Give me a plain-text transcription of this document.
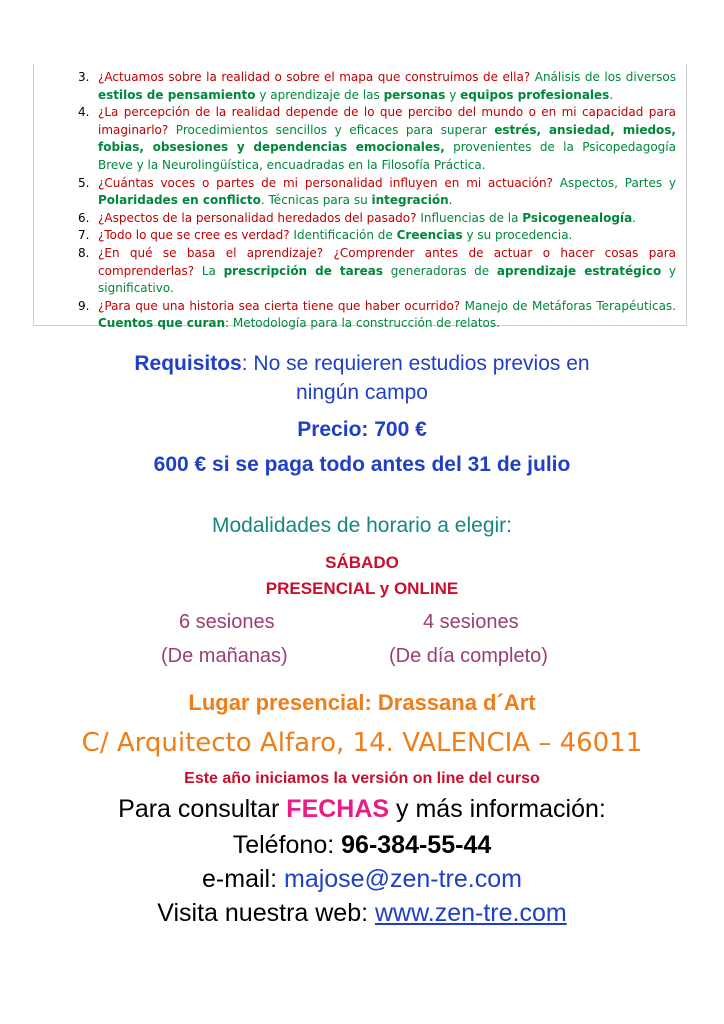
3. ¿Actuamos sobre la realidad o sobre el mapa que construimos de ella? Análisis de los diversos estilos de pensamiento y aprendizaje de las personas y equipos profesionales.
4. ¿La percepción de la realidad depende de lo que percibo del mundo o en mi capacidad para imaginarlo? Procedimientos sencillos y eficaces para superar estrés, ansiedad, miedos, fobias, obsesiones y dependencias emocionales, provenientes de la Psicopedagogía Breve y la Neurolingüística, encuadradas en la Filosofía Práctica.
5. ¿Cuántas voces o partes de mi personalidad influyen en mi actuación? Aspectos, Partes y Polaridades en conflicto. Técnicas para su integración.
6. ¿Aspectos de la personalidad heredados del pasado? Influencias de la Psicogenealogía.
7. ¿Todo lo que se cree es verdad? Identificación de Creencias y su procedencia.
8. ¿En qué se basa el aprendizaje? ¿Comprender antes de actuar o hacer cosas para comprenderlas? La prescripción de tareas generadoras de aprendizaje estratégico y significativo.
9. ¿Para que una historia sea cierta tiene que haber ocurrido? Manejo de Metáforas Terapéuticas. Cuentos que curan: Metodología para la construcción de relatos.
Requisitos: No se requieren estudios previos en
ningún campo
Precio: 700 €
600 € si se paga todo antes del 31 de julio
Modalidades de horario a elegir:
SÁBADO
PRESENCIAL y ONLINE
6 sesiones
(De mañanas)
4 sesiones
(De día completo)
Lugar presencial: Drassana d´Art
C/ Arquitecto Alfaro, 14. VALENCIA – 46011
Este año iniciamos la versión on line del curso
Para consultar FECHAS y más información:
Teléfono: 96-384-55-44
e-mail: majose@zen-tre.com
Visita nuestra web: www.zen-tre.com
